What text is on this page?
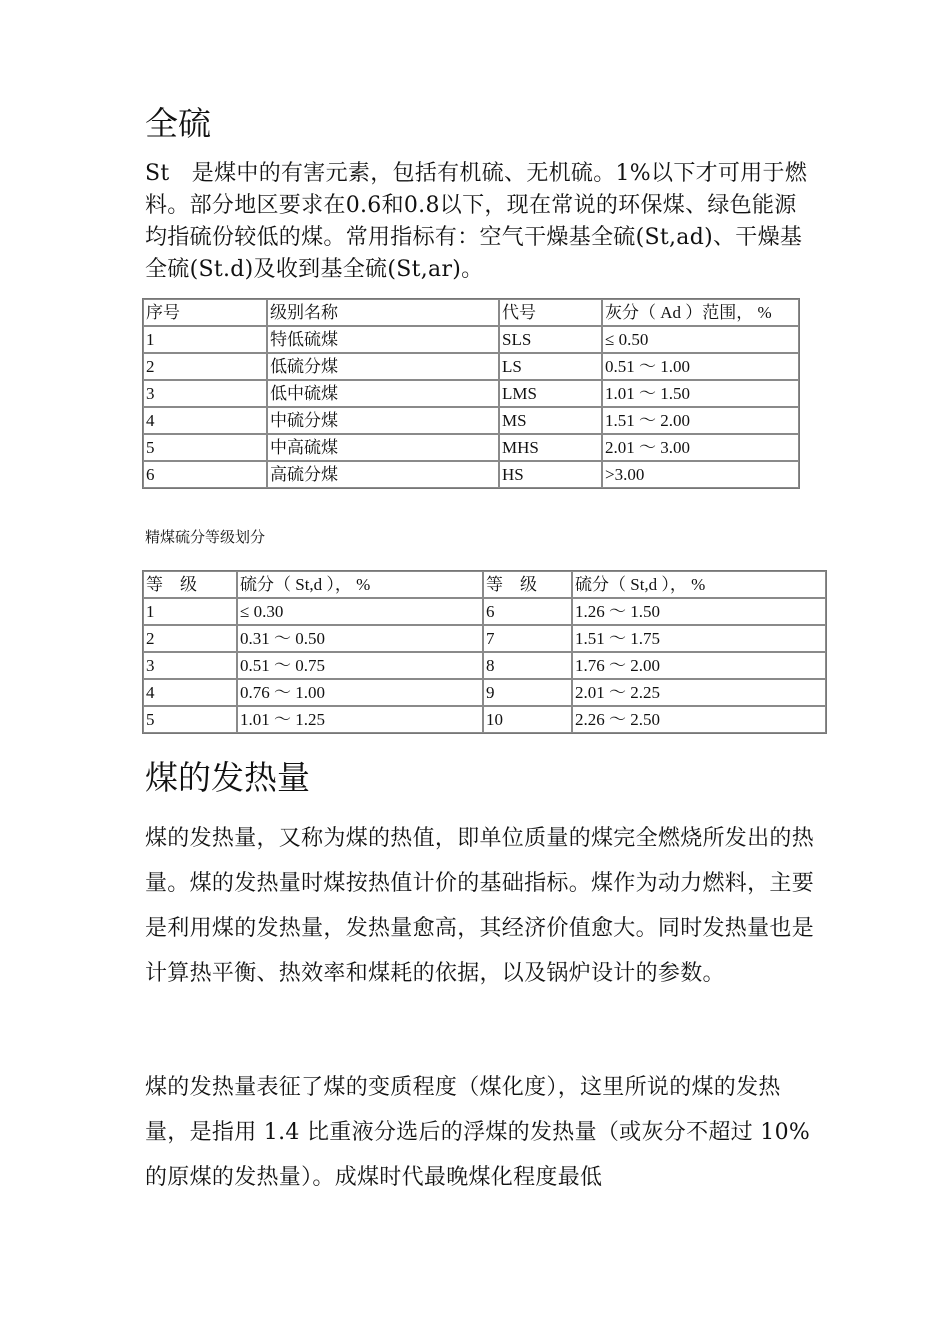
全硫

St　是煤中的有害元素，包括有机硫、无机硫。1%以下才可用于燃料。部分地区要求在0.6和0.8以下，现在常说的环保煤、绿色能源均指硫份较低的煤。常用指标有：空气干燥基全硫(St,ad)、干燥基全硫(St.d)及收到基全硫(St,ar)。

序号	级别名称	代号	灰分（ Ad ）范围， %
1	特低硫煤	SLS	≤ 0.50
2	低硫分煤	LS	0.51 ～ 1.00
3	低中硫煤	LMS	1.01 ～ 1.50
4	中硫分煤	MS	1.51 ～ 2.00
5	中高硫煤	MHS	2.01 ～ 3.00
6	高硫分煤	HS	>3.00
精煤硫分等级划分
等　级	硫分（ St,d ）， %	等　级	硫分（ St,d ）， %
1	≤ 0.30	6	1.26 ～ 1.50
2	0.31 ～ 0.50	7	1.51 ～ 1.75
3	0.51 ～ 0.75	8	1.76 ～ 2.00
4	0.76 ～ 1.00	9	2.01 ～ 2.25
5	1.01 ～ 1.25	10	2.26 ～ 2.50
煤的发热量

煤的发热量，又称为煤的热值，即单位质量的煤完全燃烧所发出的热量。煤的发热量时煤按热值计价的基础指标。煤作为动力燃料，主要是利用煤的发热量，发热量愈高，其经济价值愈大。同时发热量也是计算热平衡、热效率和煤耗的依据，以及锅炉设计的参数。

煤的发热量表征了煤的变质程度（煤化度），这里所说的煤的发热量，是指用 1.4 比重液分选后的浮煤的发热量（或灰分不超过 10%的原煤的发热量）。成煤时代最晚煤化程度最低
